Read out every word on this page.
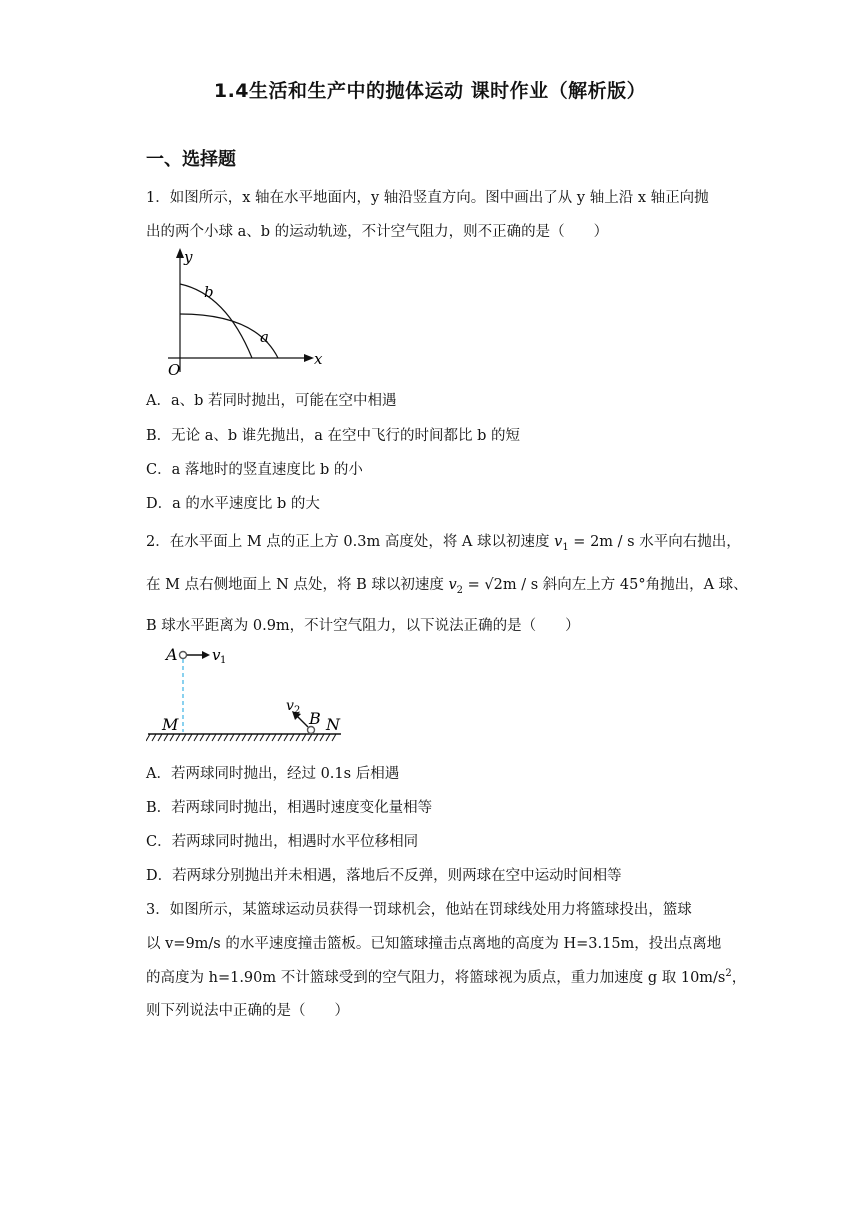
1.4生活和生产中的抛体运动 课时作业（解析版）
一、选择题
1．如图所示，x 轴在水平地面内，y 轴沿竖直方向。图中画出了从 y 轴上沿 x 轴正向抛
出的两个小球 a、b 的运动轨迹，不计空气阻力，则不正确的是（　　）
y
x
O
b
a
A．a、b 若同时抛出，可能在空中相遇
B．无论 a、b 谁先抛出，a 在空中飞行的时间都比 b 的短
C．a 落地时的竖直速度比 b 的小
D．a 的水平速度比 b 的大
2．在水平面上 M 点的正上方 0.3m 高度处，将 A 球以初速度 $v_1 = 2m / s$ 水平向右抛出，
在 M 点右侧地面上 N 点处，将 B 球以初速度 $v_2 = √2m / s$ 斜向左上方 45°角抛出，A 球、
B 球水平距离为 0.9m，不计空气阻力，以下说法正确的是（　　）
A v 1
M
v 2 B N
A．若两球同时抛出，经过 0.1s 后相遇
B．若两球同时抛出，相遇时速度变化量相等
C．若两球同时抛出，相遇时水平位移相同
D．若两球分别抛出并未相遇，落地后不反弹，则两球在空中运动时间相等
3．如图所示，某篮球运动员获得一罚球机会，他站在罚球线处用力将篮球投出，篮球
以 v=9m/s 的水平速度撞击篮板。已知篮球撞击点离地的高度为 H=3.15m，投出点离地
的高度为 h=1.90m 不计篮球受到的空气阻力，将篮球视为质点，重力加速度 g 取 $10m/s^2$，
则下列说法中正确的是（　　）
